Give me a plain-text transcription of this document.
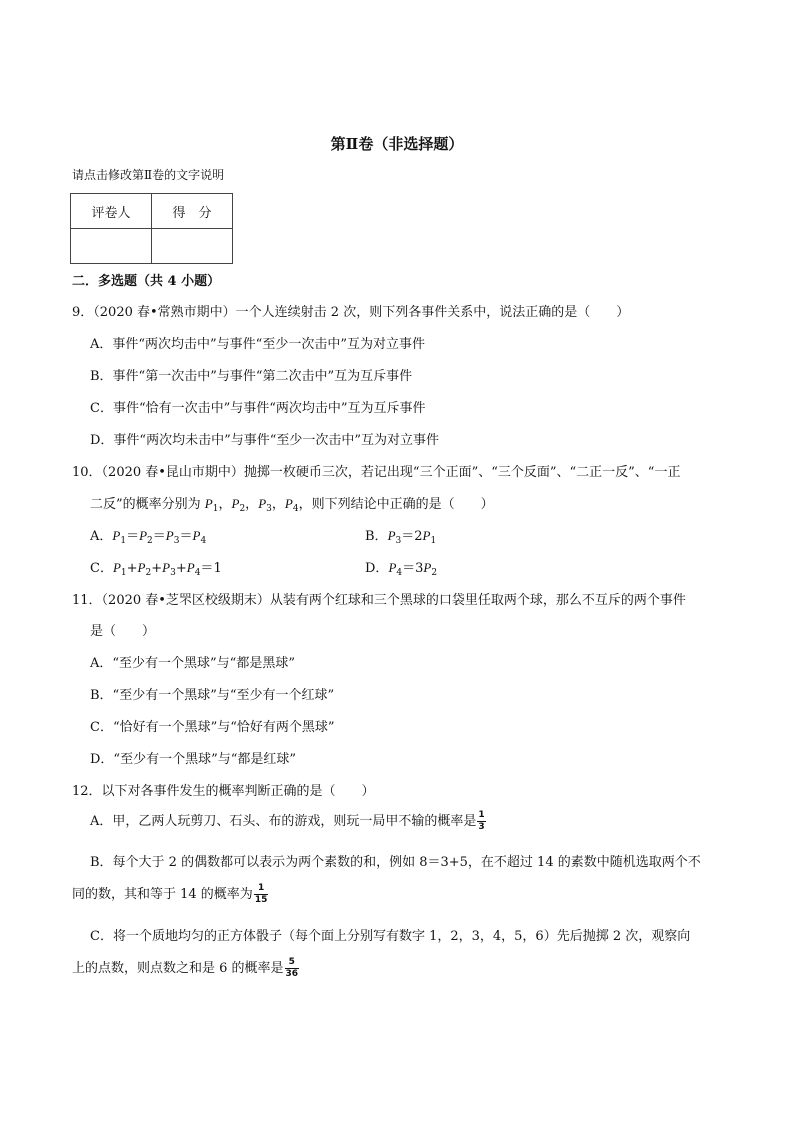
第Ⅱ卷（非选择题）
请点击修改第Ⅱ卷的文字说明
评卷人	得　分

二．多选题（共 4 小题）
9．（2020 春•常熟市期中）一个人连续射击 2 次，则下列各事件关系中，说法正确的是（　　）
A．事件“两次均击中”与事件“至少一次击中”互为对立事件
B．事件“第一次击中”与事件“第二次击中”互为互斥事件
C．事件“恰有一次击中”与事件“两次均击中”互为互斥事件
D．事件“两次均未击中”与事件“至少一次击中”互为对立事件
10．（2020 春•昆山市期中）抛掷一枚硬币三次，若记出现“三个正面”、“三个反面”、“二正一反”、“一正
二反”的概率分别为 $P_1$，$P_2$，$P_3$，$P_4$，则下列结论中正确的是（　　）
A．$P_1=P_2=P_3=P_4$	B．$P_3=2P_1$
C．$P_1+P_2+P_3+P_4=1$	D．$P_4=3P_2$
11．（2020 春•芝罘区校级期末）从装有两个红球和三个黑球的口袋里任取两个球，那么不互斥的两个事件
是（　　）
A．“至少有一个黑球”与“都是黑球”
B．“至少有一个黑球”与“至少有一个红球”
C．“恰好有一个黑球”与“恰好有两个黑球”
D．“至少有一个黑球”与“都是红球”
12．以下对各事件发生的概率判断正确的是（　　）
A．甲，乙两人玩剪刀、石头、布的游戏，则玩一局甲不输的概率是 $\frac{1}{3}$
B．每个大于 2 的偶数都可以表示为两个素数的和，例如 8＝3+5，在不超过 14 的素数中随机选取两个不
同的数，其和等于 14 的概率为 $\frac{1}{15}$
C．将一个质地均匀的正方体骰子（每个面上分别写有数字 1，2，3，4，5，6）先后抛掷 2 次，观察向
上的点数，则点数之和是 6 的概率是 $\frac{5}{36}$
